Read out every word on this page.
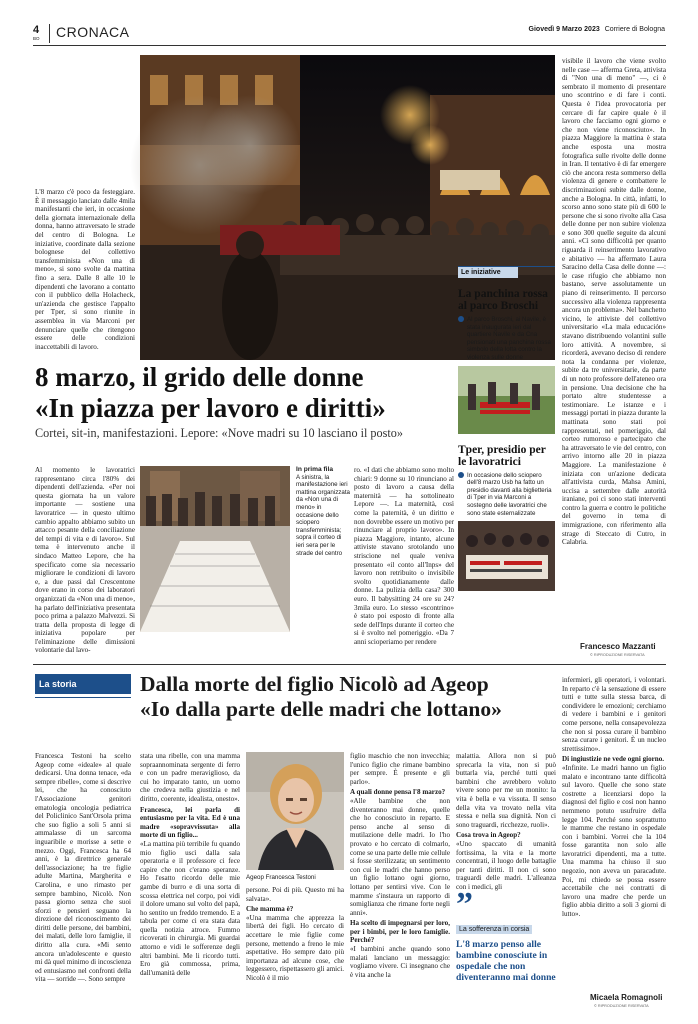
4
BO CRONACA	Giovedì 9 Marzo 2023 Corriere di Bologna
L'8 marzo c'è poco da festeggiare. È il messaggio lanciato dalle 4mila manifestanti che ieri, in occasione della giornata internazionale della donna, hanno attraversato le strade del centro di Bologna. Le iniziative, coordinate dalla sezione bolognese del collettivo transfemminista «Non una di meno», si sono svolte da mattina fino a sera. Dalle 8 alle 10 le dipendenti che lavorano a contatto con il pubblico della Holacheck, un'azienda che gestisce l'appalto per Tper, si sono riunite in assemblea in via Marconi per denunciare quelle che ritengono essere delle condizioni inaccettabili di lavoro.
8 marzo, il grido delle donne
«In piazza per lavoro e diritti»
Cortei, sit-in, manifestazioni. Lepore: «Nove madri su 10 lasciano il posto»
Al momento le lavoratrici rappresentano circa l'80% dei dipendenti dell'azienda. «Per noi questa giornata ha un valore importante — sostiene una lavoratrice — in questo ultimo cambio appalto abbiamo subito un attacco pesante della conciliazione del tempi di vita e di lavoro». Sul tema è intervenuto anche il sindaco Matteo Lepore, che ha specificato come sia necessario migliorare le condizioni di lavoro e, a due passi dal Crescentone dove erano in corso dei laboratori organizzati da «Non una di meno», ha parlato dell'iniziativa presentata poco prima a palazzo Malvezzi. Si tratta della proposta di legge di iniziativa popolare per l'eliminazione delle dimissioni volontarie dal lavo-
In prima fila
A sinistra, la manifestazione ieri mattina organizzata da «Non una di meno» in occasione dello sciopero transfemminista; sopra il corteo di ieri sera per le strade del centro
ro. «I dati che abbiamo sono molto chiari: 9 donne su 10 rinunciano al posto di lavoro a causa della maternità — ha sottolineato Lepore —. La maternità, così come la paternità, è un diritto e non dovrebbe essere un motivo per rinunciare al proprio lavoro». In piazza Maggiore, intanto, alcune attiviste stavano srotolando uno striscione nel quale veniva presentato «il conto all'Inps» del lavoro non retribuito o invisibile svolto quotidianamente dalle donne. La pulizia della casa? 300 euro. Il babysitting 24 ore su 24? 3mila euro. Lo stesso «scontrino» è stato poi esposto di fronte alla sede dell'Inps durante il corteo che si è svolto nel pomeriggio. «Da 7 anni scioperiamo per rendere
Le iniziative
La panchina rossa al parco Broschi
Al parco Broschi, ai Navile, è stata inaugurata ieri dal quartiere Navile e da Cna pensionati una panchina rossa simbolo della lotta contro la violenza sulle donne
Tper, presidio per le lavoratrici
In occasione dello sciopero dell'8 marzo Usb ha fatto un presidio davanti alla biglietteria di Tper in via Marconi a sostegno delle lavoratrici che sono state esternalizzate
visibile il lavoro che viene svolto nelle case — afferma Greta, attivista di "Non una di meno" —, ci è sembrato il momento di presentare uno scontrino e di fare i conti. Questa è l'idea provocatoria per cercare di far capire quale è il lavoro che facciamo ogni giorno e che non viene riconosciuto». In piazza Maggiore la mattina è stata anche esposta una mostra fotografica sulle rivolte delle donne in Iran. Il tentativo è di far emergere ciò che ancora resta sommerso della violenza di genere e combattere le discriminazioni subite dalle donne, anche a Bologna. In città, infatti, lo scorso anno sono state più di 600 le persone che si sono rivolte alla Casa delle donne per non subire violenza e sono 300 quelle seguite da alcuni anni. «Ci sono difficoltà per quanto riguarda il reinserimento lavorativo e abitativo — ha affermato Laura Saracino della Casa delle donne —: le case rifugio che abbiamo non bastano, serve assolutamente un piano di reinserimento. Il percorso successivo alla violenza rappresenta ancora un problema». Nel banchetto vicino, le attiviste del collettivo universitario «La mala educación» stavano distribuendo volantini sulle loro attività. A novembre, si ricorderà, avevano deciso di rendere nota la condanna per violenze, subite da tre universitarie, da parte di un noto professore dell'ateneo ora in pensione. Una decisione che ha portato altre studentesse a testimoniare. Le istanze e i messaggi portati in piazza durante la mattinata sono stati poi rappresentati, nel pomeriggio, dal corteo rumoroso e partecipato che ha attraversato le vie del centro, con arrivo intorno alle 20 in piazza Maggiore. La manifestazione è iniziata con un'azione dedicata all'attivista curda, Mahsa Amini, uccisa a settembre dalle autorità iraniane, poi ci sono stati interventi contro la guerra e contro le politiche del governo in tema di immigrazione, con riferimento alla strage di Steccato di Cutro, in Calabria.
Francesco Mazzanti
© RIPRODUZIONE RISERVATA
La storia	Dalla morte del figlio Nicolò ad Ageop
«Io dalla parte delle madri che lottano»
Francesca Testoni ha scelto Ageop come «ideale» al quale dedicarsi. Una donna tenace, «da sempre ribelle», come si descrive lei, che ha conosciuto l'Associazione genitori ematologia oncologia pediatrica del Policlinico Sant'Orsola prima che suo figlio a soli 5 anni si ammalasse di un sarcoma inguaribile e morisse a sette e mezzo. Oggi, Francesca ha 64 anni, è la direttrice generale dell'associazione; ha tre figlie adulte Martina, Margherita e Carolina, e uno rimasto per sempre bambino, Nicolò. Non passa giorno senza che suoi sforzi e pensieri seguano la direzione del riconoscimento dei diritti delle persone, dei bambini, dei malati, delle loro famiglie, il diritto alla cura. «Mi sento ancora un'adolescente e questo mi dà quel minimo di incoscienza ed entusiasmo nel confronti della vita — sorride —. Sono sempre
stata una ribelle, con una mamma sopraannominata sergente di ferro e con un padre meraviglioso, da cui ho imparato tanto, un uomo che credeva nella giustizia e nel diritto, coerente, idealista, onesto».
Francesca, lei parla di entusiasmo per la vita. Ed è una madre «sopravvissuta» alla morte di un figlio...
«La mattina più terribile fu quando mio figlio uscì dalla sala operatoria e il professore ci fece capire che non c'erano speranze. Ho l'esatto ricordo delle mie gambe di burro e di una sorta di scossa elettrica nel corpo, poi vidi il dolore umano sul volto del papà, ho sentito un freddo tremendo. E a tabula per come ci era stata data quella notizia atroce. Fummo ricoverati in chirurgia. Mi guardai attorno e vidi le sofferenze degli altri bambini. Me li ricordo tutti. Ero già commossa, prima, dall'umanità delle
Ageop Francesca Testoni
persone. Poi di più. Questo mi ha salvata».
Che mamma è?
«Una mamma che apprezza la libertà dei figli. Ho cercato di accettare le mie figlie come persone, mettendo a freno le mie aspettative. Ho sempre dato più importanza ad alcune cose, che leggessero, rispettassero gli amici. Nicolò è il mio
figlio maschio che non invecchia; l'unico figlio che rimane bambino per sempre. È presente e gli parlo».
A quali donne pensa l'8 marzo?
«Alle bambine che non diventeranno mai donne, quelle che ho conosciuto in reparto. E penso anche al senso di mutilazione delle madri. Io l'ho provato e ho cercato di colmarlo, come se una parte delle mie cellule si fosse sterilizzata; un sentimento con cui le madri che hanno perso un figlio lottano ogni giorno, lottano per sentirsi vive. Con le mamme s'instaura un rapporto di somiglianza che rimane forte negli anni».
Ha scelto di impegnarsi per loro, per i bimbi, per le loro famiglie. Perché?
«I bambini anche quando sono malati lanciano un messaggio: vogliamo vivere. Ci insegnano che è vita anche la
malattia. Allora non si può sprecarla la vita, non si può buttarla via, perché tutti quei bambini che avrebbero voluto vivere sono per me un monito: la vita è bella e va vissuta. Il senso della vita va trovato nella vita stessa e nella sua dignità. Non ci sono traguardi, ricchezze, ruoli».
Cosa trova in Ageop?
«Uno spaccato di umanità fortissima, la vita e la morte concentrati, il luogo delle battaglie per tanti diritti. Il non ci sono traguardi delle madri. L'alleanza con i medici, gli
”
La sofferenza in corsia
L'8 marzo penso alle bambine conosciute in ospedale che non diventeranno mai donne
infermieri, gli operatori, i volontari. In reparto c'è la sensazione di essere tutti e tutte sulla stessa barca, di condividere le emozioni; cerchiamo di vedere i bambini e i genitori come persone, nella consapevolezza che non si possa curare il bambino senza curare i genitori. È un nucleo strettissimo».
Di ingiustizie ne vede ogni giorno.
«Infinite. Le madri hanno un figlio malato e incontrano tante difficoltà sul lavoro. Quelle che sono state costrette a licenziarsi dopo la diagnosi del figlio e così non hanno nemmeno potuto usufruire della legge 104. Perché sono soprattutto le mamme che restano in ospedale con i bambini. Vorrei che la 104 fosse garantita non solo alle lavoratrici dipendenti, ma a tutte. Una mamma ha chiuso il suo negozio, non aveva un paracadute. Poi, mi chiedo se possa essere accettabile che nei contratti di lavoro una madre che perde un figlio abbia diritto a soli 3 giorni di lutto».
Micaela Romagnoli
© RIPRODUZIONE RISERVATA
